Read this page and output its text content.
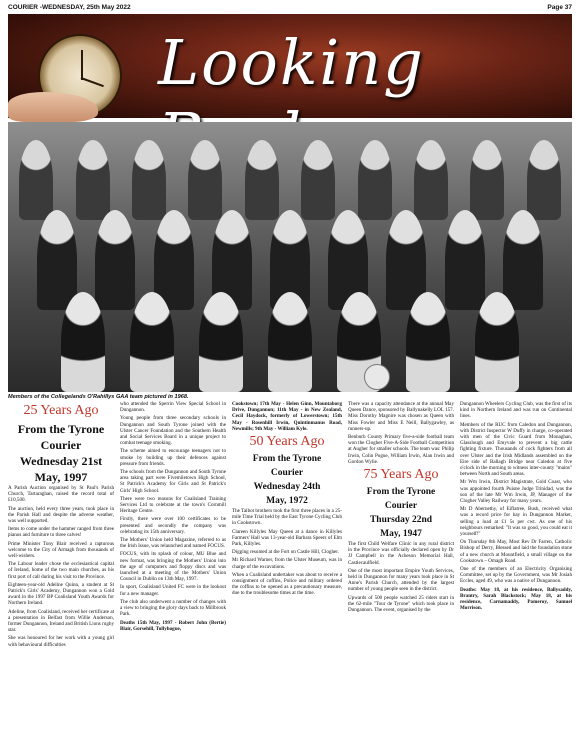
COURIER -WEDNESDAY, 25th May 2022	Page 37
Looking
Members of the Collegelands O'Rahillys GAA team pictured in 1968.
25 Years Ago
From the Tyrone
Courier
Wednesday 21st
May, 1997

A Parish Auction organised by St Paul's Parish Church, Tartaraghan, raised the record total of £10,500.

The auction, held every three years, took place in the Parish Hall and despite the adverse weather, was well supported.

Items to come under the hammer ranged from three pianos and furniture to three calves!

Prime Minister Tony Blair received a rapturous welcome to the City of Armagh from thousands of well-wishers.

The Labour leader chose the ecclesiastical capital of Ireland, home of the two main churches, as his first port of call during his visit to the Province.

Eighteen-year-old Adeline Quinn, a student at St Patrick's Girls' Academy, Dungannon won a Gold award in the 1997 BP Coalisland Youth Awards for Northern Ireland.

Adeline, from Coalisland, received her certificate at a presentation in Belfast from Willie Anderson, former Dungannon, Ireland and British Lions rugby star.

She was honoured for her work with a young girl with behavioural difficulties

who attended the Sperrin View Special School in Dungannon.

Young people from three secondary schools in Dungannon and South Tyrone joined with the Ulster Cancer Foundation and the Southern Health and Social Services Board in a unique project to combat teenage smoking.

The scheme aimed to encourage teenagers not to smoke by building up their defences against pressure from friends.

The schools from the Dungannon and South Tyrone area taking part were Fivemiletown High School, St Patrick's Academy for Girls and St Patrick's Girls' High School.

There were two reasons for Coalisland Training Services Ltd to celebrate at the town's Cornmill Heritage Centre.

Firstly, there were over 100 certificates to be presented and secondly the company was celebrating its 15th anniversary.

The Mothers' Union held Magazine, referred to as the Irish Issue, was relaunched and named FOCUS.

FOCUS, with its splash of colour, MU Blue and new format, was bringing the Mothers' Union into the age of computers and floppy discs and was launched at a meeting of the Mothers' Union Council in Dublin on 13th May, 1997.

In sport, Coalisland United FC were in the lookout for a new manager.

The club also underwent a number of changes with a view to bringing the glory days back to Millbrook Park.

Deaths 15th May, 1997 - Robert John (Bertie) Blair, Gorsehill, Tullyhogue,

Cookstown; 17th May - Helen Ginn, Mountaborg Drive, Dungannon; 11th May - in New Zealand, Cecil Haydock, formerly of Lowerstown; 15th May - Rosenhill Irwin, Quintinmanus Road, Newmills; 9th May - William Kyle.

50 Years Ago
From the Tyrone
Courier
Wednesday 24th
May, 1972

The Talbot brothers took the first three places in a 25-mile Time Trial held by the East Tyrone Cycling Club in Cookstown.

Clareen Killyles May Queen at a dance in Killyles Farmers' Hall was 13-year-old Barbara Speers of Elm Park, Killyles.

Digging resumed at the Fort on Castle Hill, Clogher.

Mr Richard Warner, from the Ulster Museum, was in charge of the excavations.

When a Coalisland undertaker was about to receive a consignment of coffins, Police and military ordered the coffins to be opened as a precautionary measure, due to the troublesome times at the time.

There was a capacity attendance at the annual May Queen Dance, sponsored by Ballynakelly LOL 157. Miss Dorothy Magnire was chosen as Queen with Miss Fowler and Miss E Neill, Ballygawley, as runners-up.

Benburb County Primary five-a-side football team won the Clogher Five-A-Side Football Competition at Augher for smaller schools. The team was: Philip Irwin, Colin Pogue, William Irwin, Alan Irwin and Gordon Wylie.

75 Years Ago
From the Tyrone
Courier
Thursday 22nd
May, 1947

The first Child Welfare Clinic in any rural district in the Province was officially declared open by Dr JJ Campbell in the Acheson Memorial Hall, Castlecaulfield.

One of the most important Empire Youth Services, held in Dungannon for many years took place in St Anne's Parish Church, attended by the largest number of young people seen in the district.

Upwards of 500 people watched 25 riders start in the 62-mile "Tour de Tyrone" which took place in Dungannon. The event, organised by the

Dungannon Wheelers Cycling Club, was the first of its kind in Northern Ireland and was run on Continental lines.

Members of the RUC from Caledon and Dungannon, with District Inspector W Duffy in charge, co-operated with men of the Civic Guard from Monaghan, Glasslough and Emyvale to prevent a big cattle fighting fixture. Thousands of cock fighters from all over Ulster and the Irish Midlands assembled on the Eire side of Ballagh Bridge near Caledon at five o'clock in the morning to witness inter-county "mains" between North and South areas.

Mr Wm Irwin, District Magistrate, Gold Coast, who was appointed fourth Puisne Judge Trinidad, was the son of the late Mr Wm Irwin, JP, Manager of the Clogher Valley Railway for many years.

Mr D Abernethy, of Eiflatree, Bush, received what was a record price for hay in Dungannon Market, selling a load at £1 5s per cwt. As one of his neighbours remarked: "It was so good, you could eat it yourself!"

On Thursday 8th May, Most Rev Dr Farren, Catholic Bishop of Derry, Blessed and laid the foundation stone of a new church at Mountfield, a small village on the Cookstown – Omagh Road.

One of the members of an Electricity Organising Committee, set up by the Government, was Mr Josiah Eccles, aged 49, who was a native of Dungannon.

Deaths: May 18, at his residence, Ballysaddy, Brantry, Sarah Blackstock; May 18, at his residence, Carnamaddy, Pomeroy, Samuel Morrison.
